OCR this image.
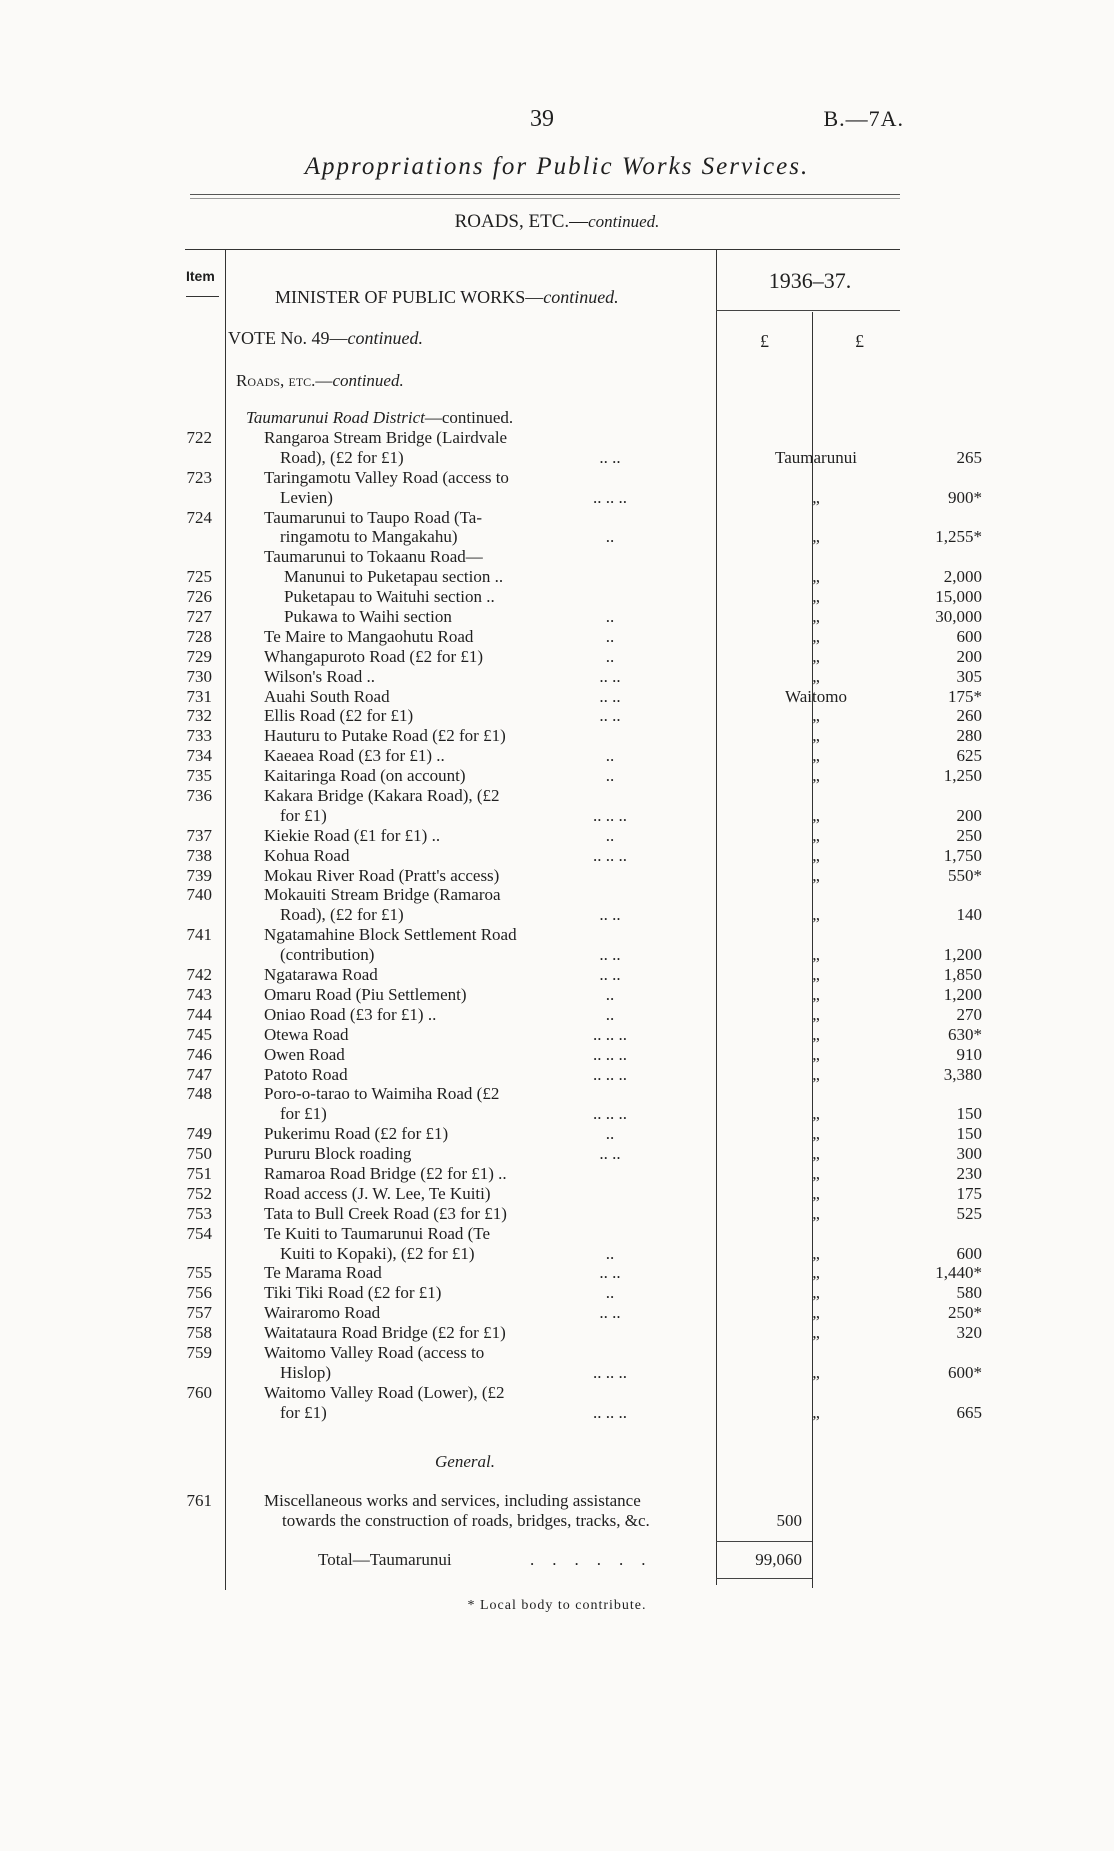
39	B.—7A.
Appropriations for Public Works Services.
ROADS, ETC.—continued.
Item	1936–37.
MINISTER OF PUBLIC WORKS—continued.
VOTE No. 49—continued.	£	£
Roads, etc.—continued.
Taumarunui Road District—continued.
722	Rangaroa Stream Bridge (Lairdvale
Road), (£2 for £1)	.. ..	Taumarunui	265
723	Taringamotu Valley Road (access to
Levien)	.. .. ..	„	900*
724	Taumarunui to Taupo Road (Ta-
ringamotu to Mangakahu)	..	„	1,255*
Taumarunui to Tokaanu Road—
725	Manunui to Puketapau section ..	„	2,000
726	Puketapau to Waituhi section ..	„	15,000
727	Pukawa to Waihi section	..	„	30,000
728	Te Maire to Mangaohutu Road	..	„	600
729	Whangapuroto Road (£2 for £1)	..	„	200
730	Wilson's Road ..	.. ..	„	305
731	Auahi South Road	.. ..	Waitomo	175*
732	Ellis Road (£2 for £1)	.. ..	„	260
733	Hauturu to Putake Road (£2 for £1)	„	280
734	Kaeaea Road (£3 for £1) ..	..	„	625
735	Kaitaringa Road (on account)	..	„	1,250
736	Kakara Bridge (Kakara Road), (£2
for £1)	.. .. ..	„	200
737	Kiekie Road (£1 for £1) ..	..	„	250
738	Kohua Road	.. .. ..	„	1,750
739	Mokau River Road (Pratt's access)	„	550*
740	Mokauiti Stream Bridge (Ramaroa
Road), (£2 for £1)	.. ..	„	140
741	Ngatamahine Block Settlement Road
(contribution)	.. ..	„	1,200
742	Ngatarawa Road	.. ..	„	1,850
743	Omaru Road (Piu Settlement)	..	„	1,200
744	Oniao Road (£3 for £1) ..	..	„	270
745	Otewa Road	.. .. ..	„	630*
746	Owen Road	.. .. ..	„	910
747	Patoto Road	.. .. ..	„	3,380
748	Poro-o-tarao to Waimiha Road (£2
for £1)	.. .. ..	„	150
749	Pukerimu Road (£2 for £1)	..	„	150
750	Pururu Block roading	.. ..	„	300
751	Ramaroa Road Bridge (£2 for £1) ..	„	230
752	Road access (J. W. Lee, Te Kuiti)	„	175
753	Tata to Bull Creek Road (£3 for £1)	„	525
754	Te Kuiti to Taumarunui Road (Te
Kuiti to Kopaki), (£2 for £1)	..	„	600
755	Te Marama Road	.. ..	„	1,440*
756	Tiki Tiki Road (£2 for £1)	..	„	580
757	Wairaromo Road	.. ..	„	250*
758	Waitataura Road Bridge (£2 for £1)	„	320
759	Waitomo Valley Road (access to
Hislop)	.. .. ..	„	600*
760	Waitomo Valley Road (Lower), (£2
for £1)	.. .. ..	„	665
General.
761	Miscellaneous works and services, including assistance
towards the construction of roads, bridges, tracks, &c.	500
Total—Taumarunui	......	99,060
* Local body to contribute.
